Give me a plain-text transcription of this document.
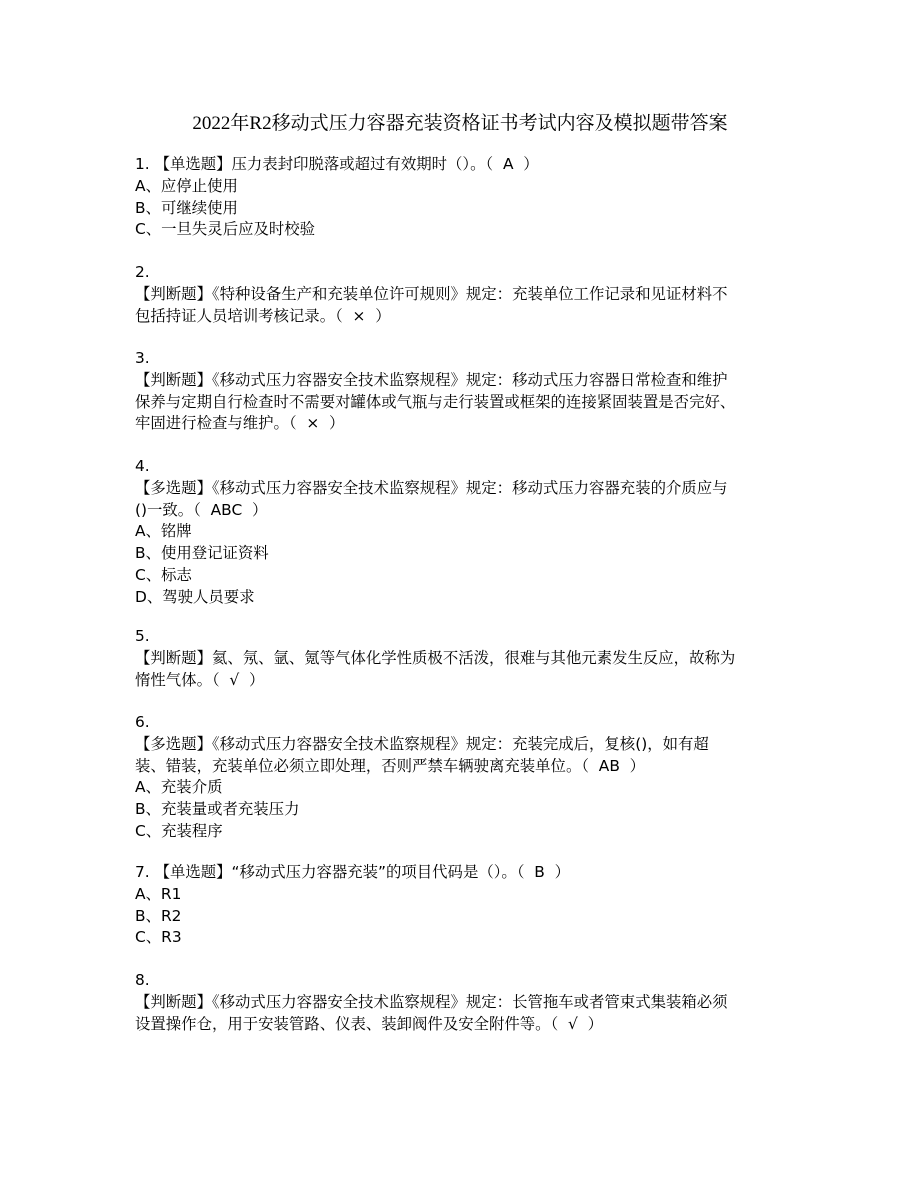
2022年R2移动式压力容器充装资格证书考试内容及模拟题带答案
1. 【单选题】压力表封印脱落或超过有效期时（）。（  A  ）
A、应停止使用
B、可继续使用
C、一旦失灵后应及时校验
2.
【判断题】《特种设备生产和充装单位许可规则》规定：充装单位工作记录和见证材料不
包括持证人员培训考核记录。（  ×  ）
3.
【判断题】《移动式压力容器安全技术监察规程》规定：移动式压力容器日常检查和维护
保养与定期自行检查时不需要对罐体或气瓶与走行装置或框架的连接紧固装置是否完好、
牢固进行检查与维护。（  ×  ）
4.
【多选题】《移动式压力容器安全技术监察规程》规定：移动式压力容器充装的介质应与
()一致。（  ABC  ）
A、铭牌
B、使用登记证资料
C、标志
D、驾驶人员要求
5.
【判断题】氦、氖、氩、氪等气体化学性质极不活泼，很难与其他元素发生反应，故称为
惰性气体。（  √  ）
6.
【多选题】《移动式压力容器安全技术监察规程》规定：充装完成后，复核()，如有超
装、错装，充装单位必须立即处理，否则严禁车辆驶离充装单位。（  AB  ）
A、充装介质
B、充装量或者充装压力
C、充装程序
7. 【单选题】“移动式压力容器充装”的项目代码是（）。（  B  ）
A、R1
B、R2
C、R3
8.
【判断题】《移动式压力容器安全技术监察规程》规定：长管拖车或者管束式集装箱必须
设置操作仓，用于安装管路、仪表、装卸阀件及安全附件等。（  √  ）
